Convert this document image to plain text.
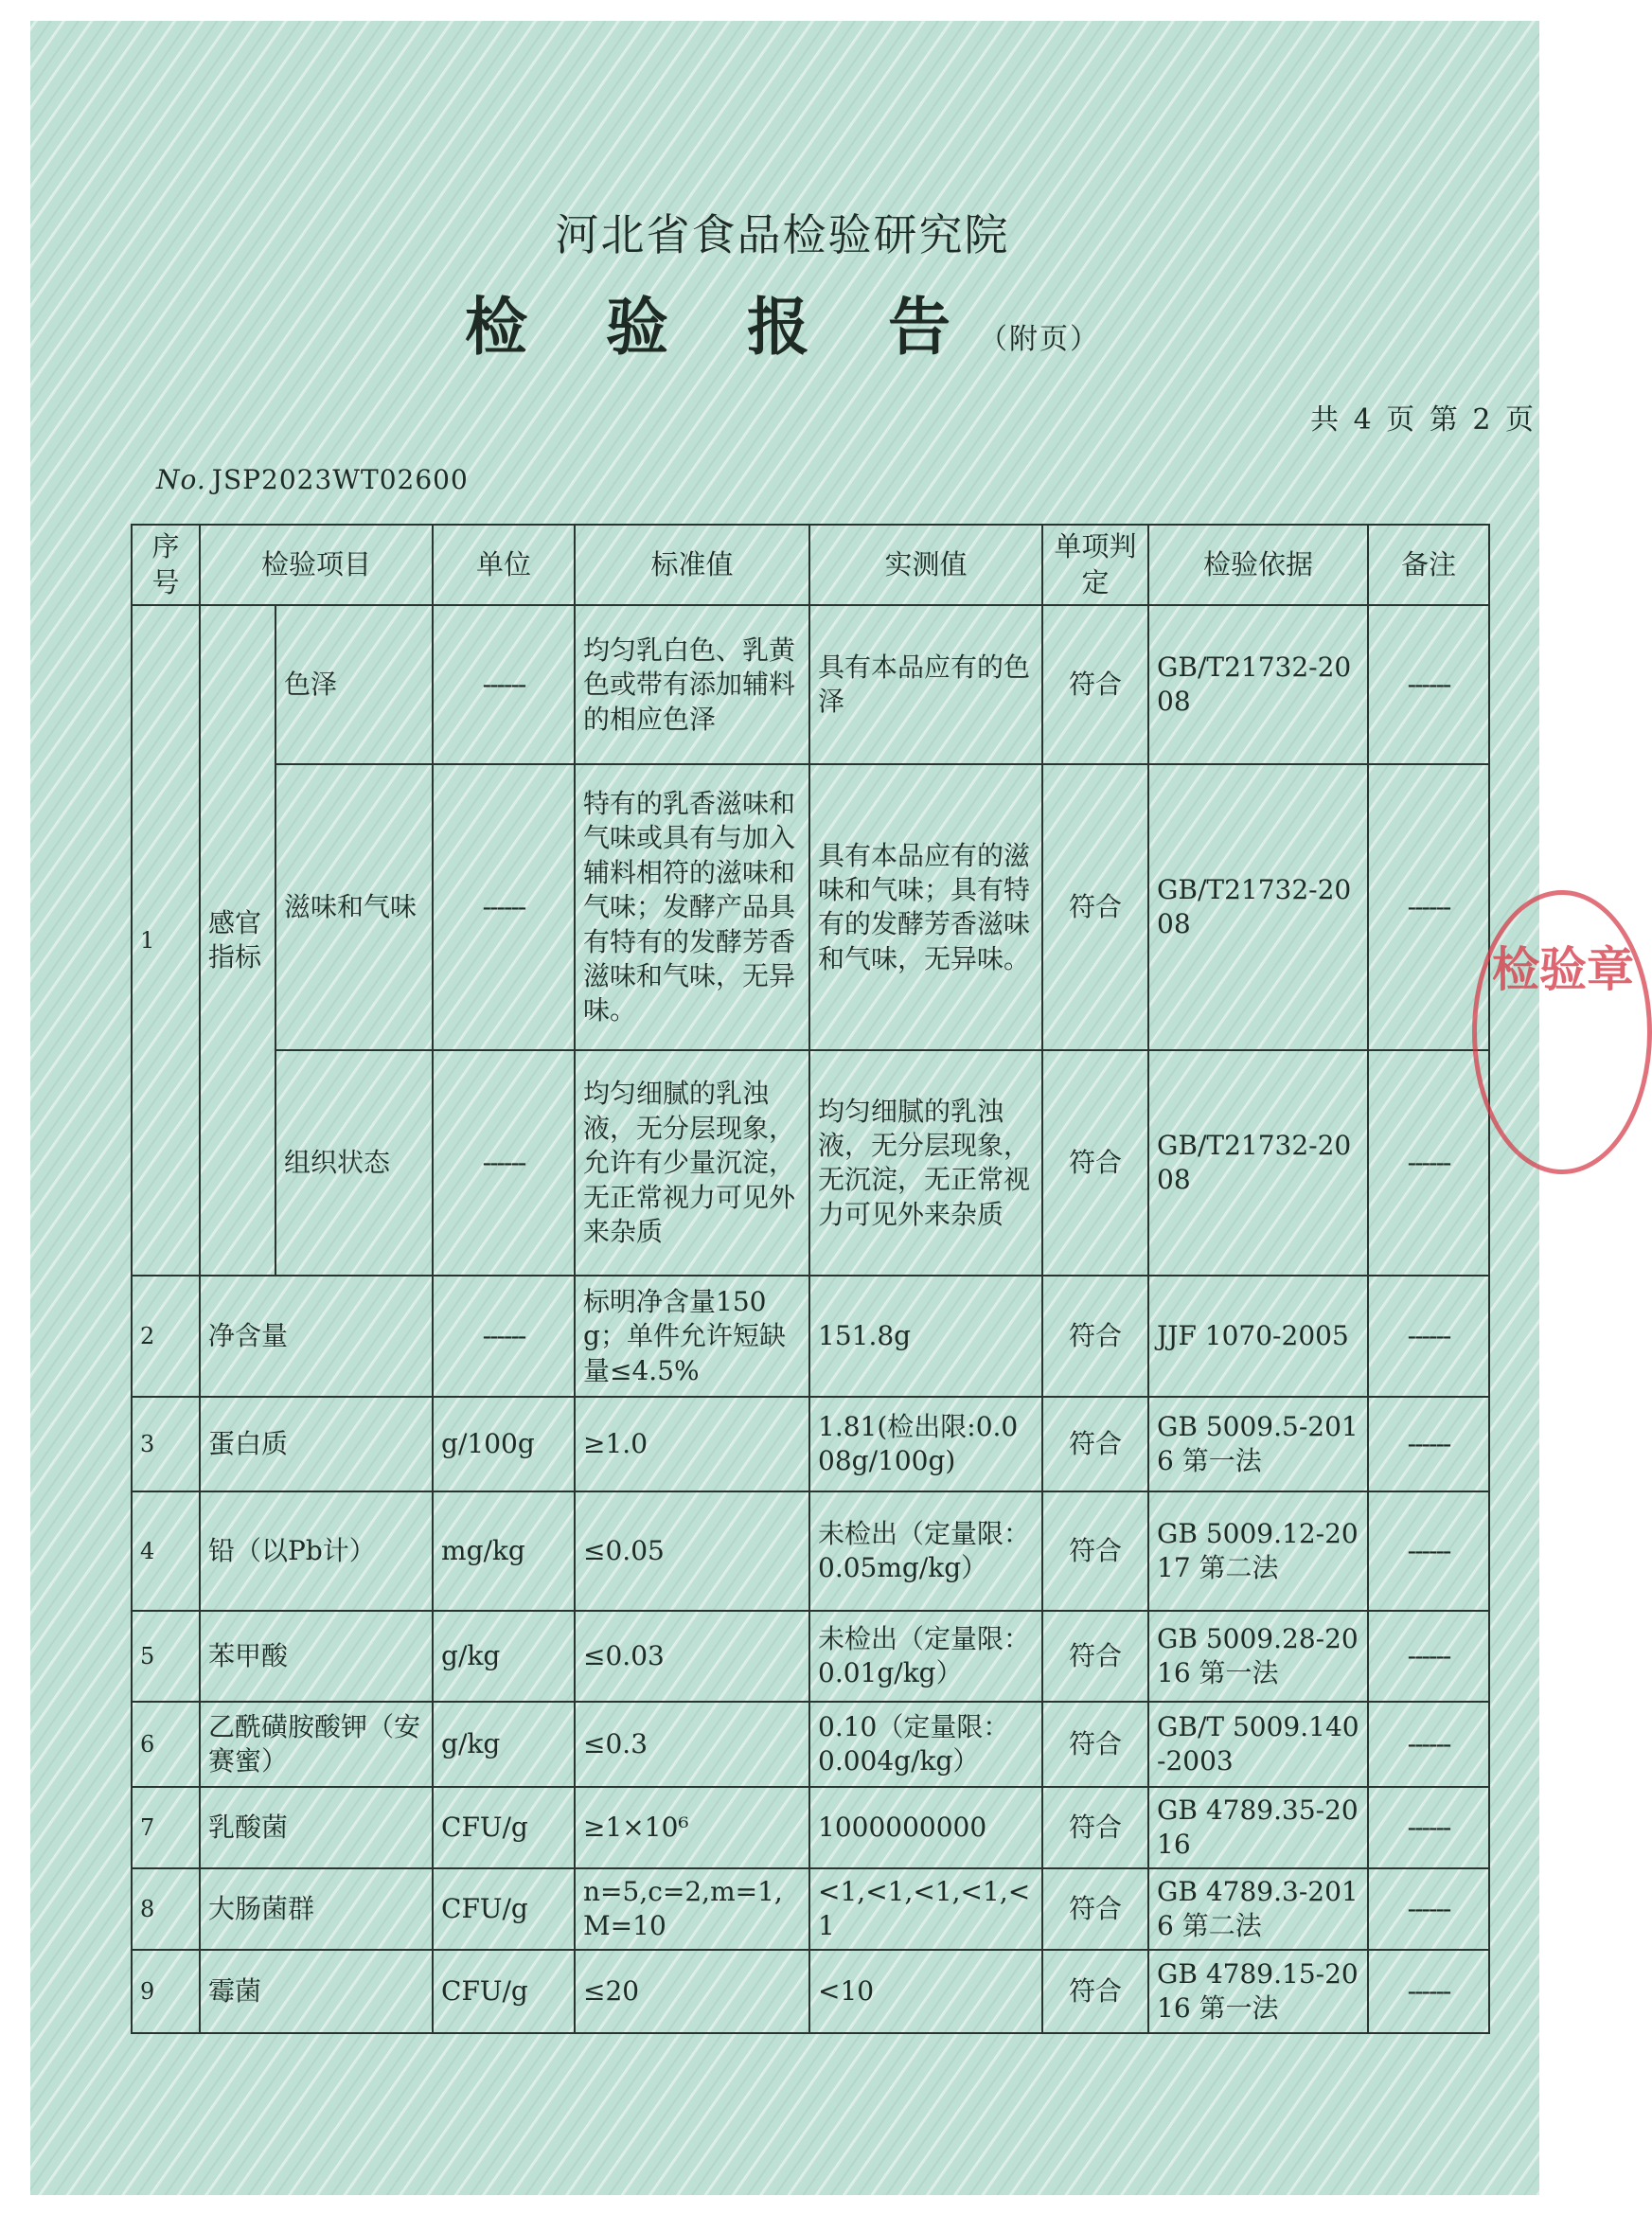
河北省食品检验研究院
检 验 报 告（附页）
共 4 页 第 2 页
No. JSP2023WT02600
序号	检验项目		单位	标准值	实测值	单项判定	检验依据	备注
1	感官指标	色泽	------	均匀乳白色、乳黄色或带有添加辅料的相应色泽	具有本品应有的色泽	符合	GB/T21732-2008	------
		滋味和气味	------	特有的乳香滋味和气味或具有与加入辅料相符的滋味和气味；发酵产品具有特有的发酵芳香滋味和气味，无异味。	具有本品应有的滋味和气味；具有特有的发酵芳香滋味和气味，无异味。	符合	GB/T21732-2008	------
		组织状态	------	均匀细腻的乳浊液，无分层现象，允许有少量沉淀，无正常视力可见外来杂质	均匀细腻的乳浊液，无分层现象，无沉淀，无正常视力可见外来杂质	符合	GB/T21732-2008	------
2	净含量		------	标明净含量150g；单件允许短缺量≤4.5%	151.8g	符合	JJF 1070-2005	------
3	蛋白质		g/100g	≥1.0	1.81(检出限:0.008g/100g)	符合	GB 5009.5-2016 第一法	------
4	铅（以Pb计）		mg/kg	≤0.05	未检出（定量限：0.05mg/kg）	符合	GB 5009.12-2017 第二法	------
5	苯甲酸		g/kg	≤0.03	未检出（定量限：0.01g/kg）	符合	GB 5009.28-2016 第一法	------
6	乙酰磺胺酸钾（安赛蜜）		g/kg	≤0.3	0.10（定量限：0.004g/kg）	符合	GB/T 5009.140-2003	------
7	乳酸菌		CFU/g	≥1×10⁶	1000000000	符合	GB 4789.35-2016	------
8	大肠菌群		CFU/g	n=5,c=2,m=1,M=10	<1,<1,<1,<1,<1	符合	GB 4789.3-2016 第二法	------
9	霉菌		CFU/g	≤20	<10	符合	GB 4789.15-2016 第一法	------
检验章
